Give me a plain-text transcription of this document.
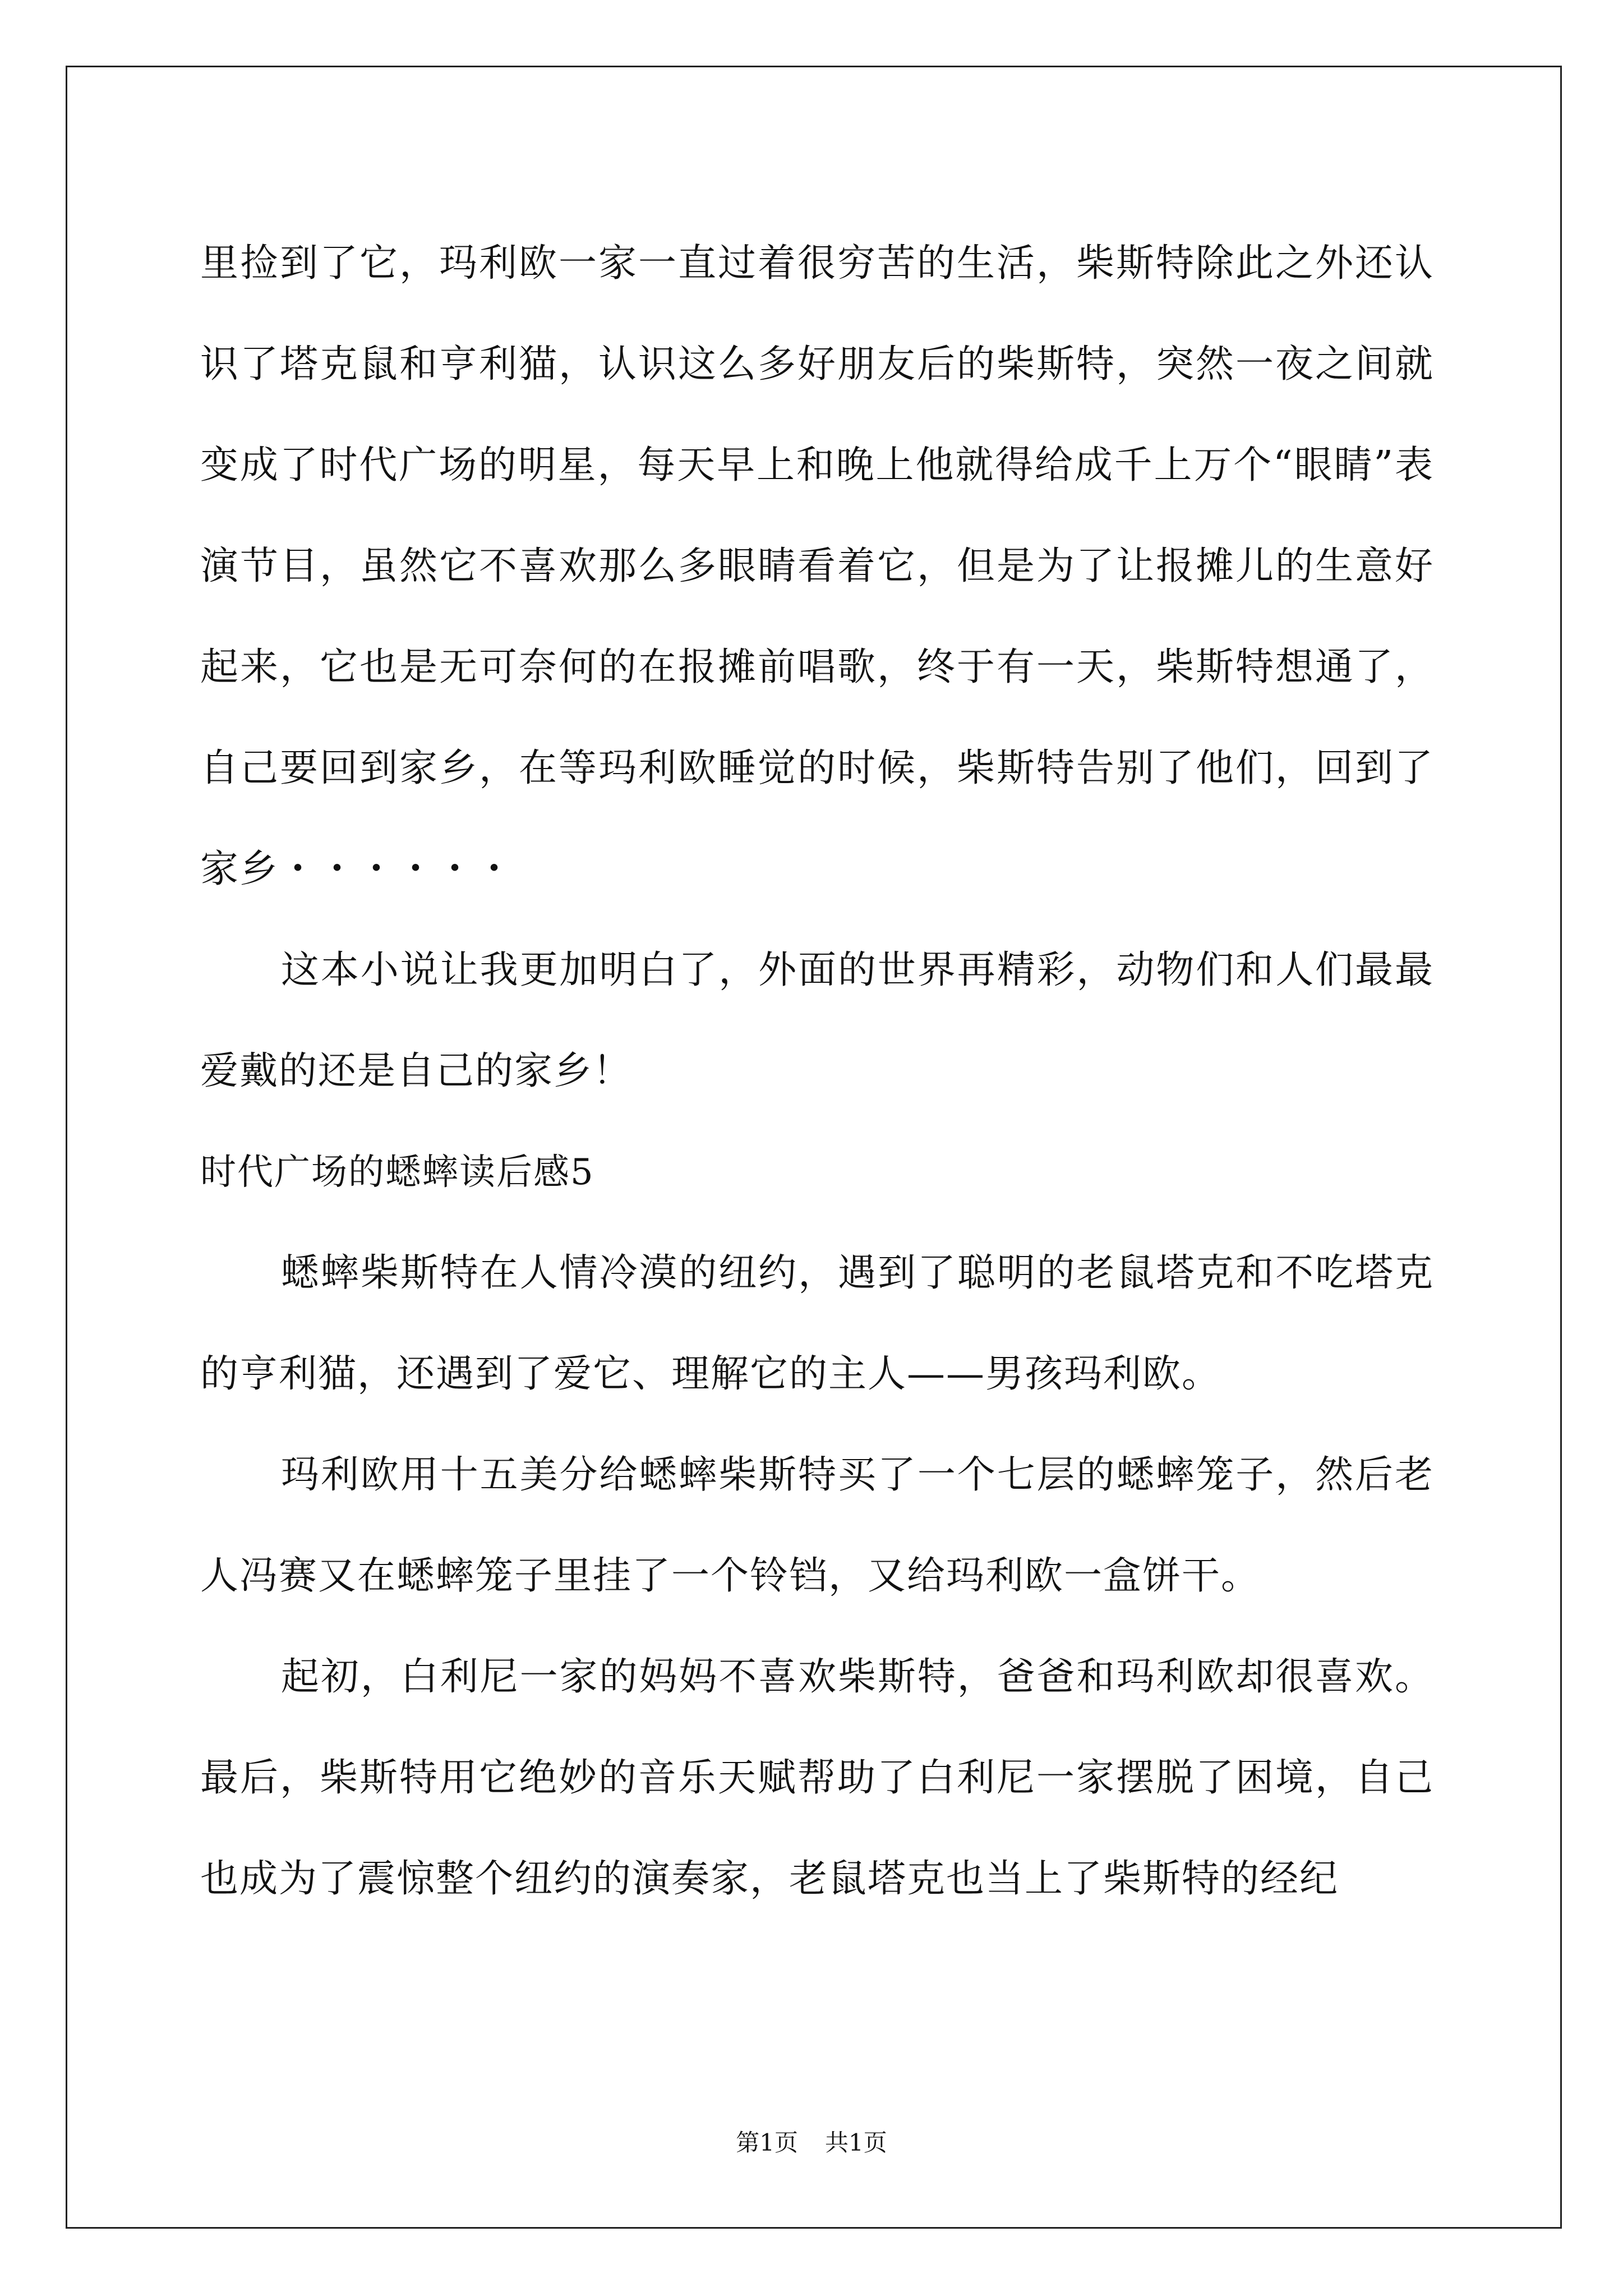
里捡到了它，玛利欧一家一直过着很穷苦的生活，柴斯特除此之外还认识了塔克鼠和亨利猫，认识这么多好朋友后的柴斯特，突然一夜之间就变成了时代广场的明星，每天早上和晚上他就得给成千上万个“眼睛”表演节目，虽然它不喜欢那么多眼睛看着它，但是为了让报摊儿的生意好起来，它也是无可奈何的在报摊前唱歌，终于有一天，柴斯特想通了，自己要回到家乡，在等玛利欧睡觉的时候，柴斯特告别了他们，回到了家乡・・・・・・

这本小说让我更加明白了，外面的世界再精彩，动物们和人们最最爱戴的还是自己的家乡！

时代广场的蟋蟀读后感5

蟋蟀柴斯特在人情冷漠的纽约，遇到了聪明的老鼠塔克和不吃塔克的亨利猫，还遇到了爱它、理解它的主人——男孩玛利欧。

玛利欧用十五美分给蟋蟀柴斯特买了一个七层的蟋蟀笼子，然后老人冯赛又在蟋蟀笼子里挂了一个铃铛，又给玛利欧一盒饼干。

起初，白利尼一家的妈妈不喜欢柴斯特，爸爸和玛利欧却很喜欢。最后，柴斯特用它绝妙的音乐天赋帮助了白利尼一家摆脱了困境，自己也成为了震惊整个纽约的演奏家，老鼠塔克也当上了柴斯特的经纪

第1页 共1页
